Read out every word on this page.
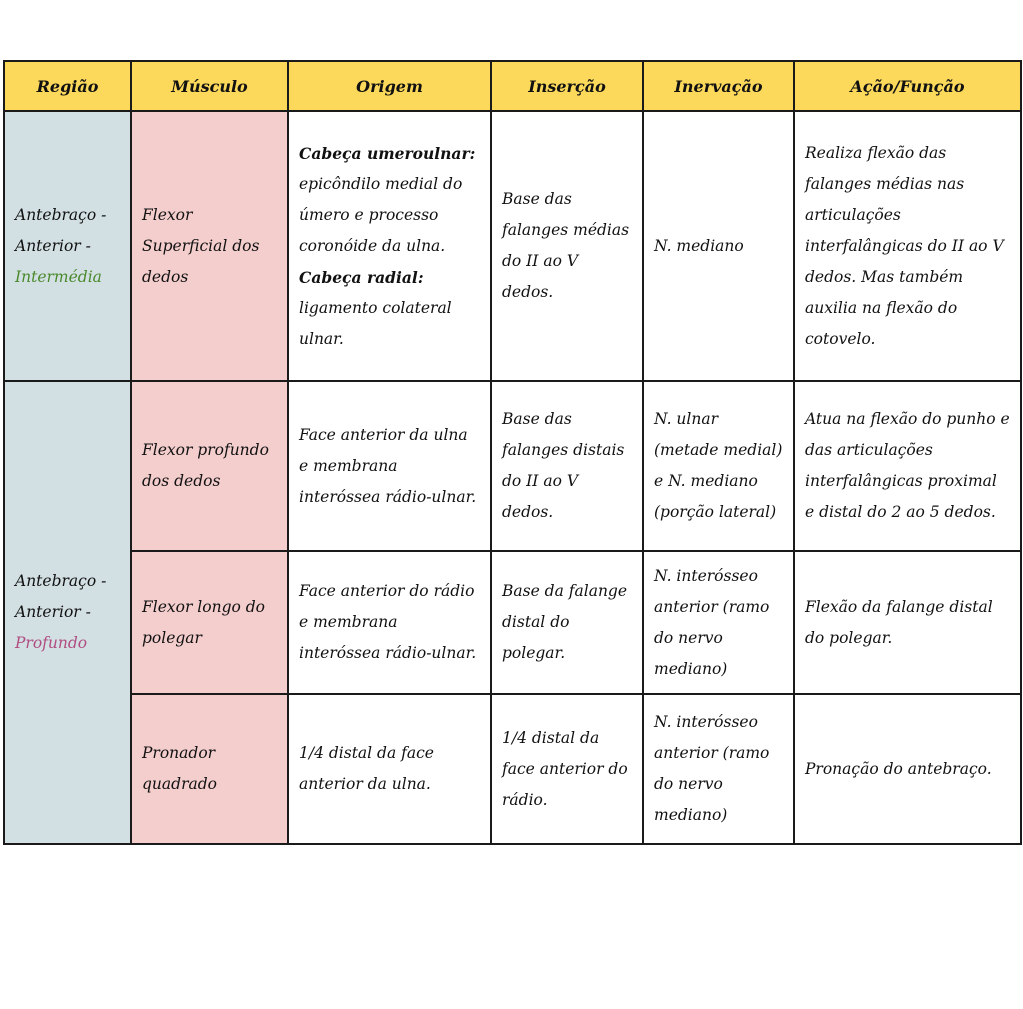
Região	Músculo	Origem	Inserção	Inervação	Ação/Função

Antebraço -
Anterior -
Intermédia	Flexor Superficial dos dedos	Cabeça umeroulnar:
epicôndilo medial do úmero e processo coronóide da ulna.
Cabeça radial:
ligamento colateral ulnar.	Base das falanges médias do II ao V dedos.	N. mediano	Realiza flexão das falanges médias nas articulações interfalângicas do II ao V dedos. Mas também auxilia na flexão do cotovelo.

Antebraço -
Anterior -
Profundo	Flexor profundo dos dedos	Face anterior da ulna e membrana interóssea rádio-ulnar.	Base das falanges distais do II ao V dedos.	N. ulnar (metade medial) e N. mediano (porção lateral)	Atua na flexão do punho e das articulações interfalângicas proximal e distal do 2 ao 5 dedos.
	Flexor longo do polegar	Face anterior do rádio e membrana interóssea rádio-ulnar.	Base da falange distal do polegar.	N. interósseo anterior (ramo do nervo mediano)	Flexão da falange distal do polegar.
	Pronador quadrado	1/4 distal da face anterior da ulna.	1/4 distal da face anterior do rádio.	N. interósseo anterior (ramo do nervo mediano)	Pronação do antebraço.
